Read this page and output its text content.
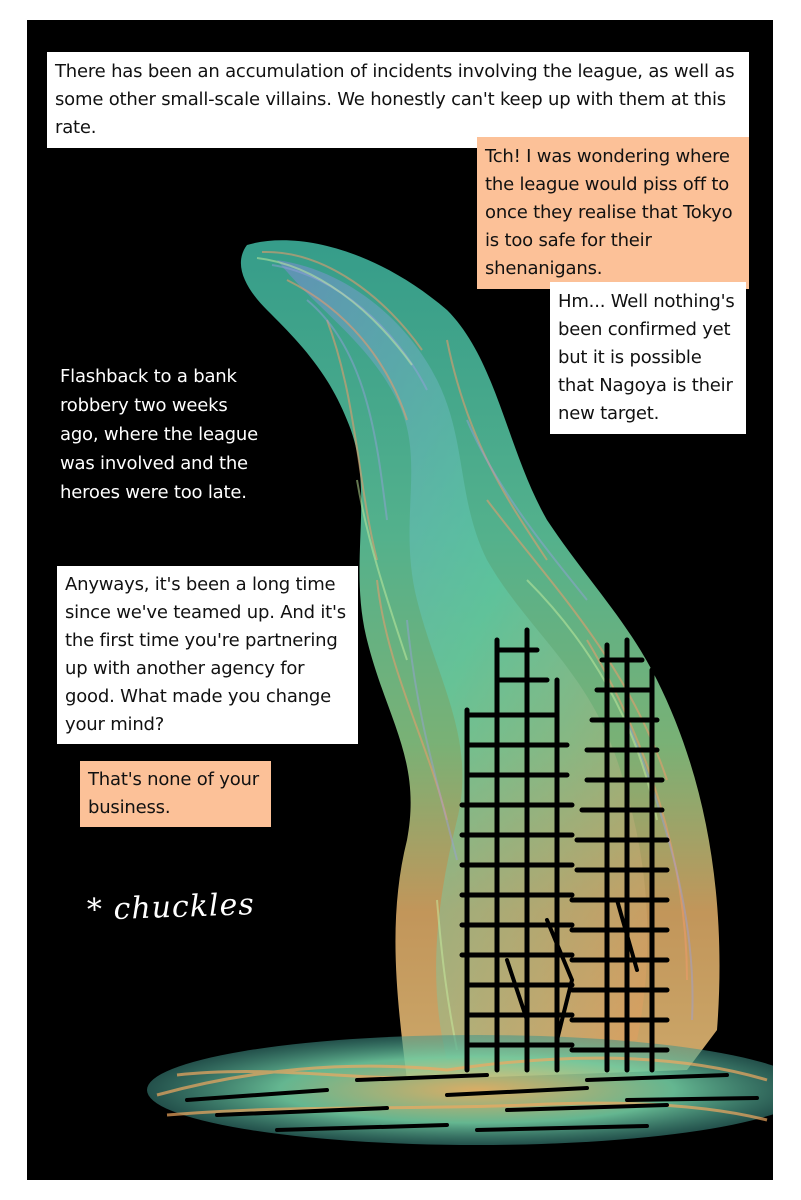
There has been an accumulation of incidents involving the league, as well as some other small-scale villains. We honestly can't keep up with them at this rate.
Tch! I was wondering where the league would piss off to once they realise that Tokyo is too safe for their shenanigans.
Hm... Well nothing's been confirmed yet but it is possible that Nagoya is their new target.
Flashback to a bank robbery two weeks ago, where the league was involved and the heroes were too late.
Anyways, it's been a long time since we've teamed up. And it's the first time you're partnering up with another agency for good. What made you change your mind?
That's none of your business.
* chuckles
